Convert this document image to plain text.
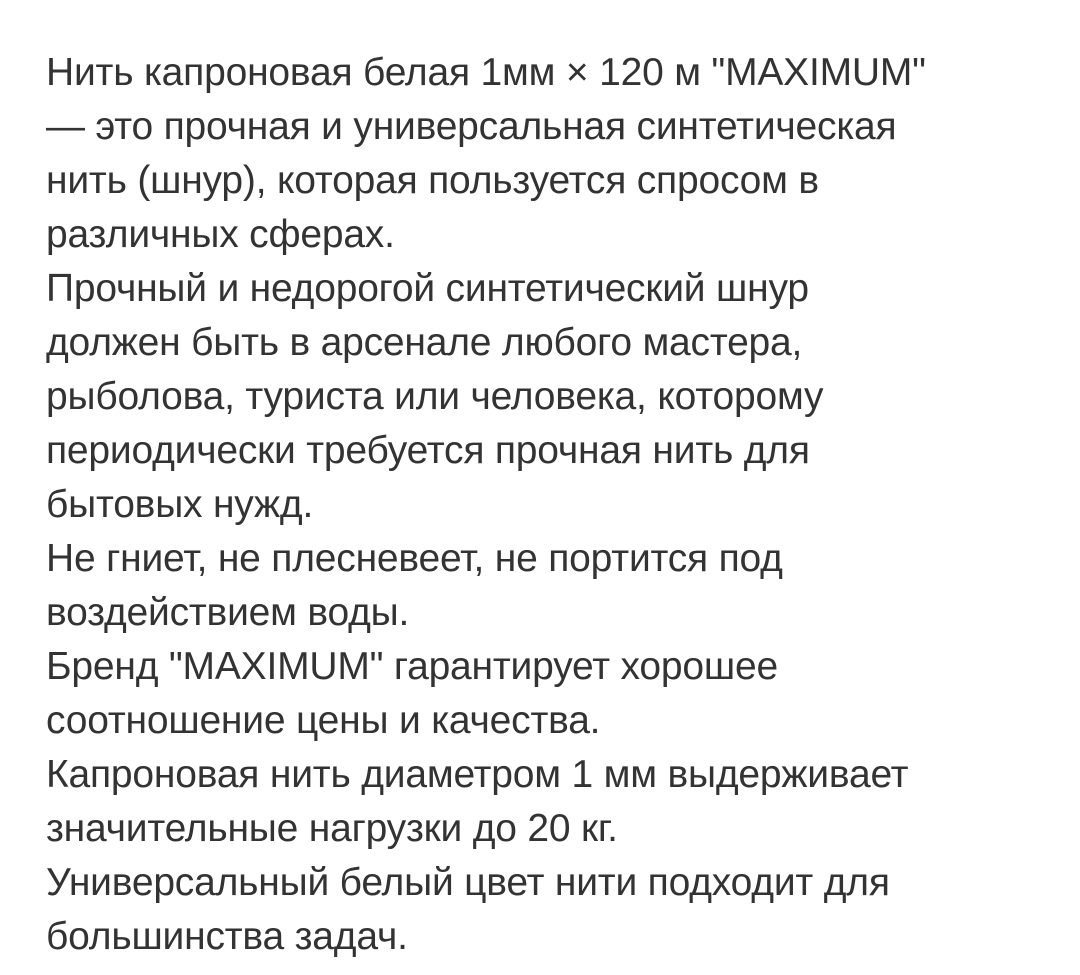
Нить капроновая белая 1мм × 120 м "MAXIMUM"
— это прочная и универсальная синтетическая
нить (шнур), которая пользуется спросом в
различных сферах.

Прочный и недорогой синтетический шнур
должен быть в арсенале любого мастера,
рыболова, туриста или человека, которому
периодически требуется прочная нить для
бытовых нужд.

Не гниет, не плесневеет, не портится под
воздействием воды.

Бренд "MAXIMUM" гарантирует хорошее
соотношение цены и качества.

Капроновая нить диаметром 1 мм выдерживает
значительные нагрузки до 20 кг.

Универсальный белый цвет нити подходит для
большинства задач.
